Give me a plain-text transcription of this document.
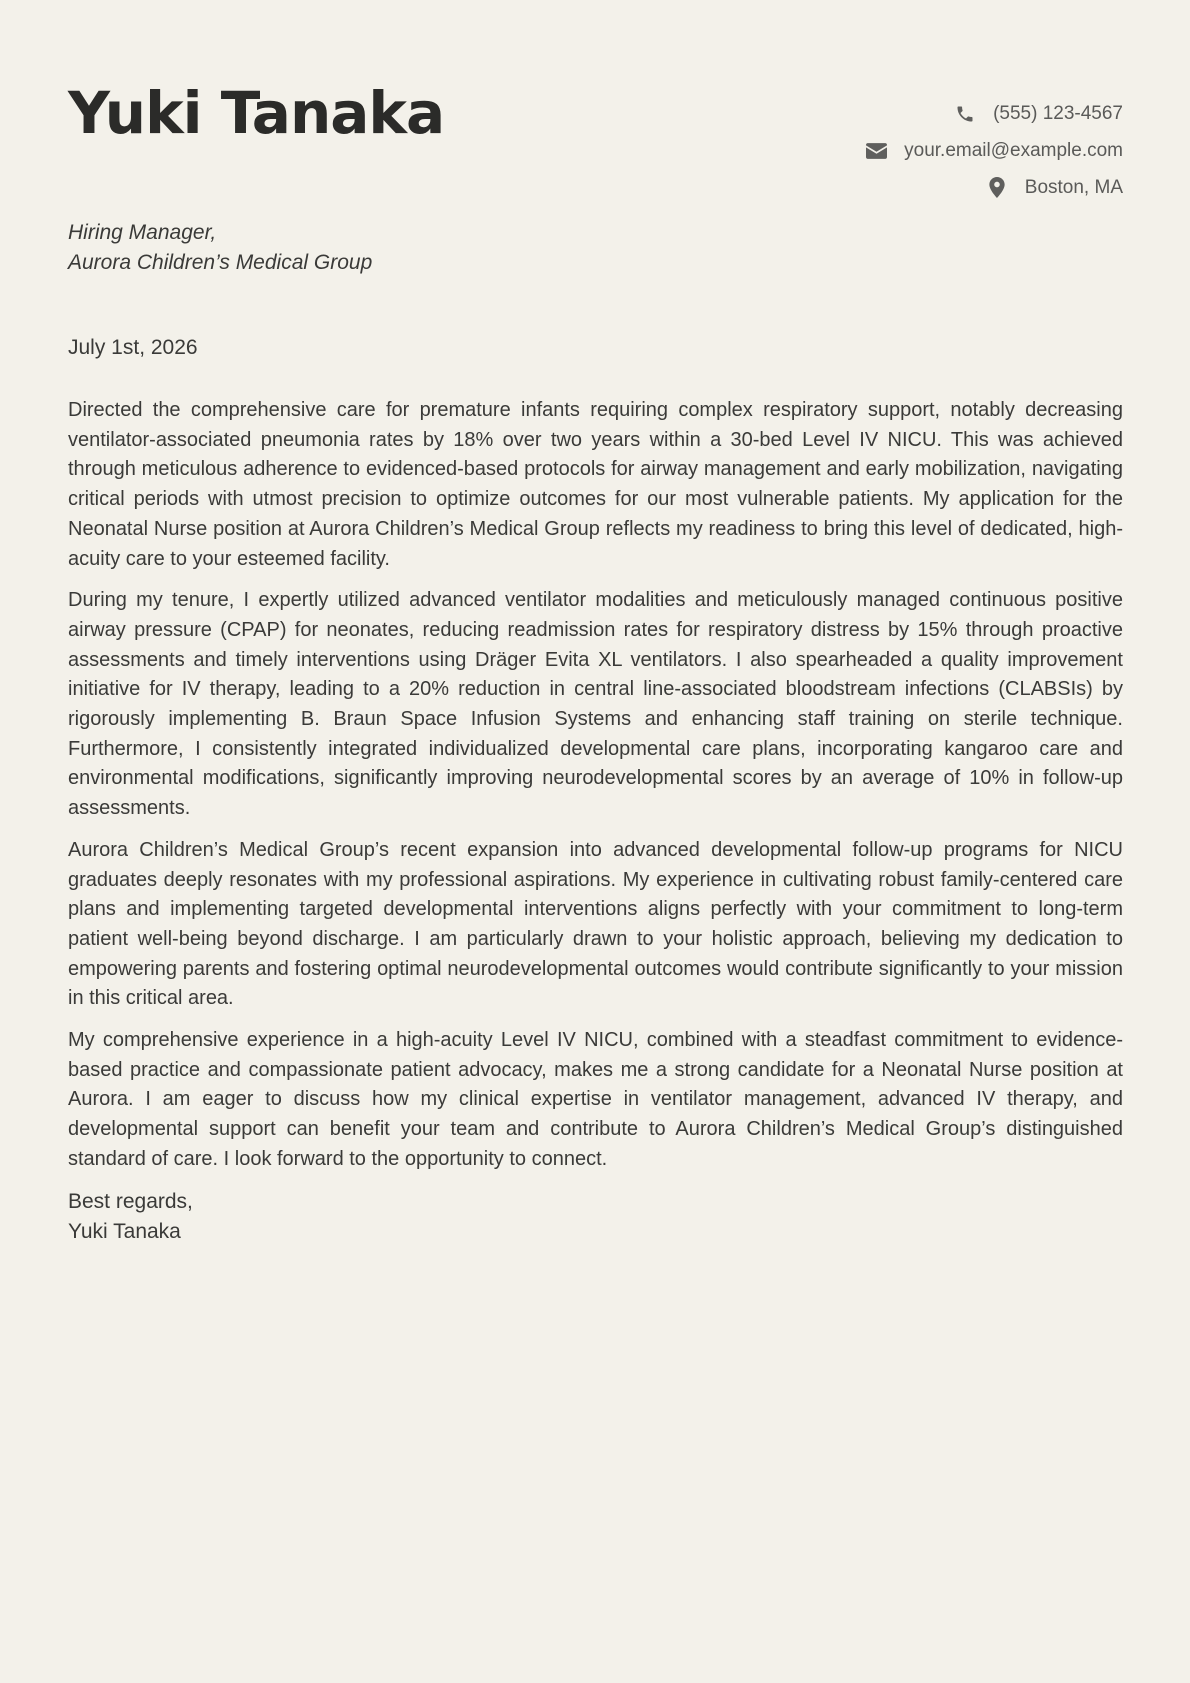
Yuki Tanaka	(555) 123-4567
your.email@example.com
Boston, MA
Hiring Manager,
Aurora Children’s Medical Group
July 1st, 2026

Directed the comprehensive care for premature infants requiring complex respiratory support, notably decreasing ventilator-associated pneumonia rates by 18% over two years within a 30-bed Level IV NICU. This was achieved through meticulous adherence to evidenced-based protocols for airway management and early mobilization, navigating critical periods with utmost precision to optimize outcomes for our most vulnerable patients. My application for the Neonatal Nurse position at Aurora Children’s Medical Group reflects my readiness to bring this level of dedicated, high-acuity care to your esteemed facility.

During my tenure, I expertly utilized advanced ventilator modalities and meticulously managed continuous positive airway pressure (CPAP) for neonates, reducing readmission rates for respiratory distress by 15% through proactive assessments and timely interventions using Dräger Evita XL ventilators. I also spearheaded a quality improvement initiative for IV therapy, leading to a 20% reduction in central line-associated bloodstream infections (CLABSIs) by rigorously implementing B. Braun Space Infusion Systems and enhancing staff training on sterile technique. Furthermore, I consistently integrated individualized developmental care plans, incorporating kangaroo care and environmental modifications, significantly improving neurodevelopmental scores by an average of 10% in follow-up assessments.

Aurora Children’s Medical Group’s recent expansion into advanced developmental follow-up programs for NICU graduates deeply resonates with my professional aspirations. My experience in cultivating robust family-centered care plans and implementing targeted developmental interventions aligns perfectly with your commitment to long-term patient well-being beyond discharge. I am particularly drawn to your holistic approach, believing my dedication to empowering parents and fostering optimal neurodevelopmental outcomes would contribute significantly to your mission in this critical area.

My comprehensive experience in a high-acuity Level IV NICU, combined with a steadfast commitment to evidence-based practice and compassionate patient advocacy, makes me a strong candidate for a Neonatal Nurse position at Aurora. I am eager to discuss how my clinical expertise in ventilator management, advanced IV therapy, and developmental support can benefit your team and contribute to Aurora Children’s Medical Group’s distinguished standard of care. I look forward to the opportunity to connect.

Best regards,
Yuki Tanaka
